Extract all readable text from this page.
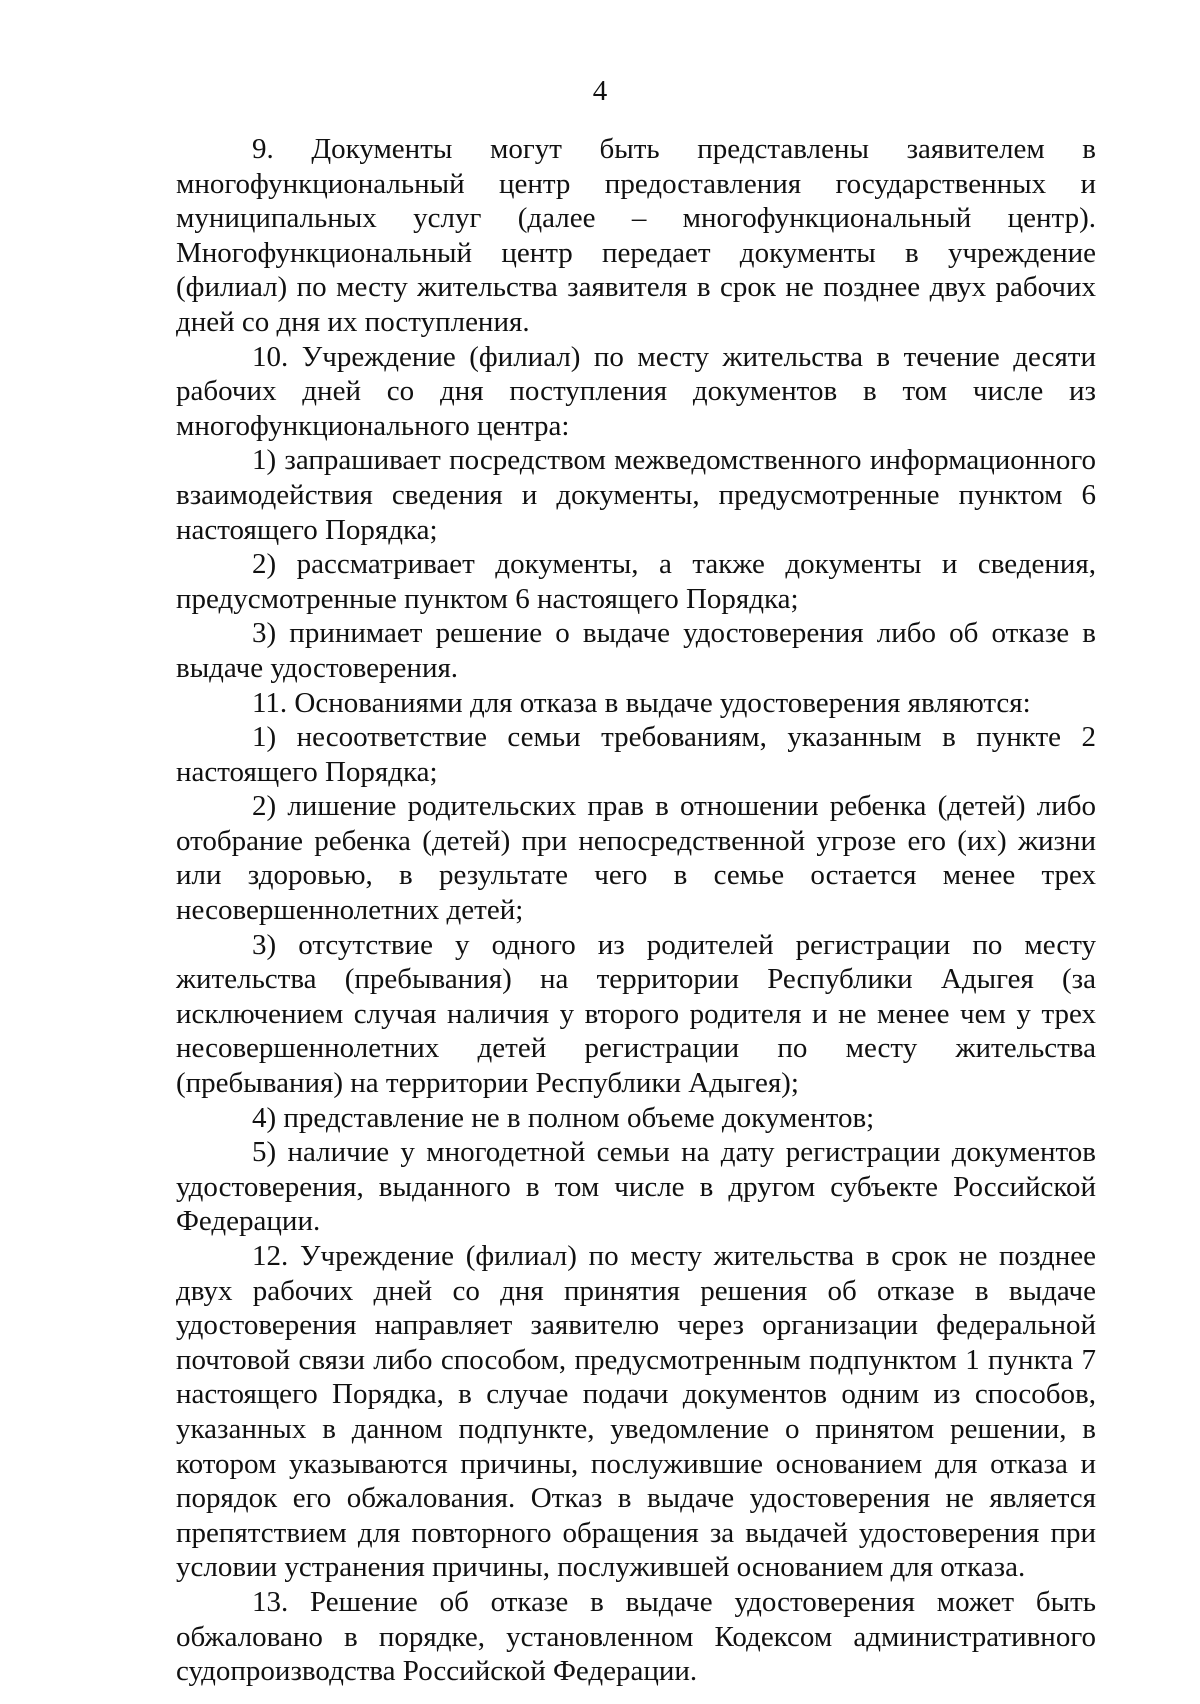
4

9. Документы могут быть представлены заявителем в многофункциональный центр предоставления государственных и муниципальных услуг (далее – многофункциональный центр). Многофункциональный центр передает документы в учреждение (филиал) по месту жительства заявителя в срок не позднее двух рабочих дней со дня их поступления.

10. Учреждение (филиал) по месту жительства в течение десяти рабочих дней со дня поступления документов в том числе из многофункционального центра:

1) запрашивает посредством межведомственного информационного взаимодействия сведения и документы, предусмотренные пунктом 6 настоящего Порядка;

2) рассматривает документы, а также документы и сведения, предусмотренные пунктом 6 настоящего Порядка;

3) принимает решение о выдаче удостоверения либо об отказе в выдаче удостоверения.

11. Основаниями для отказа в выдаче удостоверения являются:

1) несоответствие семьи требованиям, указанным в пункте 2 настоящего Порядка;

2) лишение родительских прав в отношении ребенка (детей) либо отобрание ребенка (детей) при непосредственной угрозе его (их) жизни или здоровью, в результате чего в семье остается менее трех несовершеннолетних детей;

3) отсутствие у одного из родителей регистрации по месту жительства (пребывания) на территории Республики Адыгея (за исключением случая наличия у второго родителя и не менее чем у трех несовершеннолетних детей регистрации по месту жительства (пребывания) на территории Республики Адыгея);

4) представление не в полном объеме документов;

5) наличие у многодетной семьи на дату регистрации документов удостоверения, выданного в том числе в другом субъекте Российской Федерации.

12. Учреждение (филиал) по месту жительства в срок не позднее двух рабочих дней со дня принятия решения об отказе в выдаче удостоверения направляет заявителю через организации федеральной почтовой связи либо способом, предусмотренным подпунктом 1 пункта 7 настоящего Порядка, в случае подачи документов одним из способов, указанных в данном подпункте, уведомление о принятом решении, в котором указываются причины, послужившие основанием для отказа и порядок его обжалования. Отказ в выдаче удостоверения не является препятствием для повторного обращения за выдачей удостоверения при условии устранения причины, послужившей основанием для отказа.

13. Решение об отказе в выдаче удостоверения может быть обжаловано в порядке, установленном Кодексом административного судопроизводства Российской Федерации.
